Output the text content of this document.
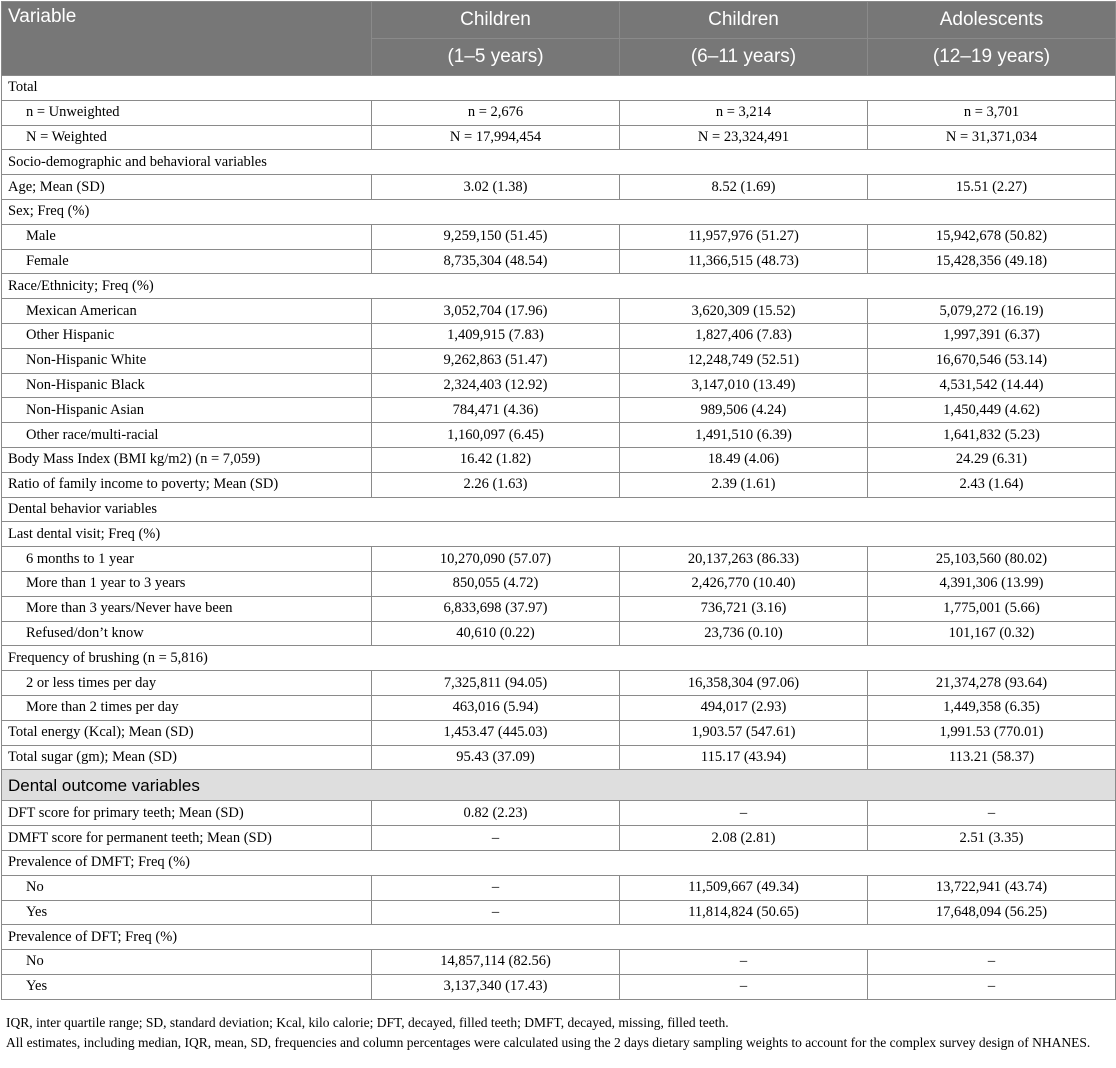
Variable	Children	Children	Adolescents
	(1–5 years)	(6–11 years)	(12–19 years)
Total			
n = Unweighted	n = 2,676	n = 3,214	n = 3,701
N = Weighted	N = 17,994,454	N = 23,324,491	N = 31,371,034
Socio-demographic and behavioral variables			
Age; Mean (SD)	3.02 (1.38)	8.52 (1.69)	15.51 (2.27)
Sex; Freq (%)			
Male	9,259,150 (51.45)	11,957,976 (51.27)	15,942,678 (50.82)
Female	8,735,304 (48.54)	11,366,515 (48.73)	15,428,356 (49.18)
Race/Ethnicity; Freq (%)			
Mexican American	3,052,704 (17.96)	3,620,309 (15.52)	5,079,272 (16.19)
Other Hispanic	1,409,915 (7.83)	1,827,406 (7.83)	1,997,391 (6.37)
Non-Hispanic White	9,262,863 (51.47)	12,248,749 (52.51)	16,670,546 (53.14)
Non-Hispanic Black	2,324,403 (12.92)	3,147,010 (13.49)	4,531,542 (14.44)
Non-Hispanic Asian	784,471 (4.36)	989,506 (4.24)	1,450,449 (4.62)
Other race/multi-racial	1,160,097 (6.45)	1,491,510 (6.39)	1,641,832 (5.23)
Body Mass Index (BMI kg/m2) (n = 7,059)	16.42 (1.82)	18.49 (4.06)	24.29 (6.31)
Ratio of family income to poverty; Mean (SD)	2.26 (1.63)	2.39 (1.61)	2.43 (1.64)
Dental behavior variables			
Last dental visit; Freq (%)			
6 months to 1 year	10,270,090 (57.07)	20,137,263 (86.33)	25,103,560 (80.02)
More than 1 year to 3 years	850,055 (4.72)	2,426,770 (10.40)	4,391,306 (13.99)
More than 3 years/Never have been	6,833,698 (37.97)	736,721 (3.16)	1,775,001 (5.66)
Refused/don’t know	40,610 (0.22)	23,736 (0.10)	101,167 (0.32)
Frequency of brushing (n = 5,816)			
2 or less times per day	7,325,811 (94.05)	16,358,304 (97.06)	21,374,278 (93.64)
More than 2 times per day	463,016 (5.94)	494,017 (2.93)	1,449,358 (6.35)
Total energy (Kcal); Mean (SD)	1,453.47 (445.03)	1,903.57 (547.61)	1,991.53 (770.01)
Total sugar (gm); Mean (SD)	95.43 (37.09)	115.17 (43.94)	113.21 (58.37)
Dental outcome variables			
DFT score for primary teeth; Mean (SD)	0.82 (2.23)	–	–
DMFT score for permanent teeth; Mean (SD)	–	2.08 (2.81)	2.51 (3.35)
Prevalence of DMFT; Freq (%)			
No	–	11,509,667 (49.34)	13,722,941 (43.74)
Yes	–	11,814,824 (50.65)	17,648,094 (56.25)
Prevalence of DFT; Freq (%)			
No	14,857,114 (82.56)	–	–
Yes	3,137,340 (17.43)	–	–
IQR, inter quartile range; SD, standard deviation; Kcal, kilo calorie; DFT, decayed, filled teeth; DMFT, decayed, missing, filled teeth.
All estimates, including median, IQR, mean, SD, frequencies and column percentages were calculated using the 2 days dietary sampling weights to account for the complex survey design of NHANES.
